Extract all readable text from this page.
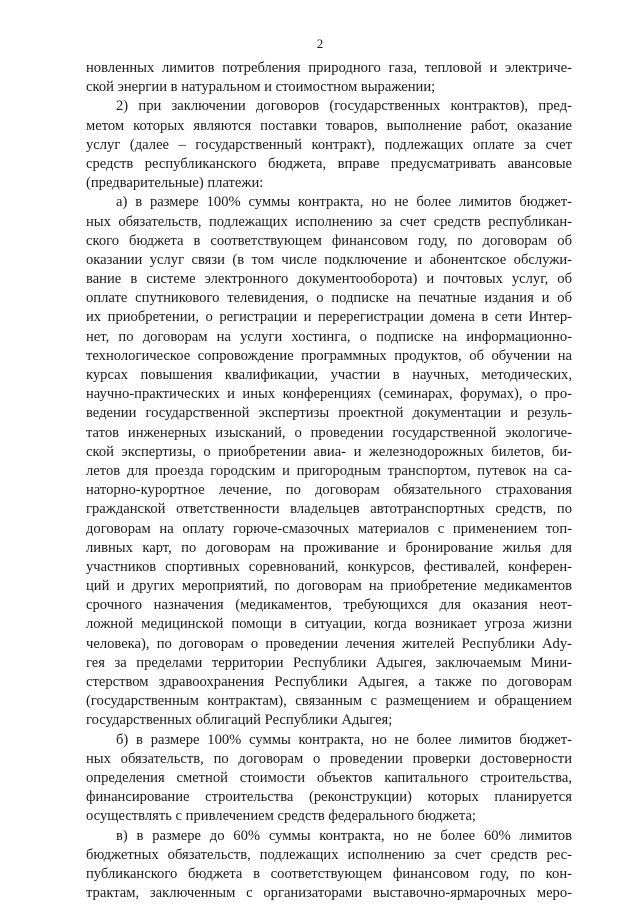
2
новленных лимитов потребления природного газа, тепловой и электриче-
ской энергии в натуральном и стоимостном выражении;
2) при заключении договоров (государственных контрактов), пред-
метом которых являются поставки товаров, выполнение работ, оказание
услуг (далее – государственный контракт), подлежащих оплате за счет
средств республиканского бюджета, вправе предусматривать авансовые
(предварительные) платежи:
а) в размере 100% суммы контракта, но не более лимитов бюджет-
ных обязательств, подлежащих исполнению за счет средств республикан-
ского бюджета в соответствующем финансовом году, по договорам об
оказании услуг связи (в том числе подключение и абонентское обслужи-
вание в системе электронного документооборота) и почтовых услуг, об
оплате спутникового телевидения, о подписке на печатные издания и об
их приобретении, о регистрации и перерегистрации домена в сети Интер-
нет, по договорам на услуги хостинга, о подписке на информационно-
технологическое сопровождение программных продуктов, об обучении на
курсах повышения квалификации, участии в научных, методических,
научно-практических и иных конференциях (семинарах, форумах), о про-
ведении государственной экспертизы проектной документации и резуль-
татов инженерных изысканий, о проведении государственной экологиче-
ской экспертизы, о приобретении авиа- и железнодорожных билетов, би-
летов для проезда городским и пригородным транспортом, путевок на са-
наторно-курортное лечение, по договорам обязательного страхования
гражданской ответственности владельцев автотранспортных средств, по
договорам на оплату горюче-смазочных материалов с применением топ-
ливных карт, по договорам на проживание и бронирование жилья для
участников спортивных соревнований, конкурсов, фестивалей, конферен-
ций и других мероприятий, по договорам на приобретение медикаментов
срочного назначения (медикаментов, требующихся для оказания неот-
ложной медицинской помощи в ситуации, когда возникает угроза жизни
человека), по договорам о проведении лечения жителей Республики Ady-
гея за пределами территории Республики Адыгея, заключаемым Мини-
стерством здравоохранения Республики Адыгея, а также по договорам
(государственным контрактам), связанным с размещением и обращением
государственных облигаций Республики Адыгея;
б) в размере 100% суммы контракта, но не более лимитов бюджет-
ных обязательств, по договорам о проведении проверки достоверности
определения сметной стоимости объектов капитального строительства,
финансирование строительства (реконструкции) которых планируется
осуществлять с привлечением средств федерального бюджета;
в) в размере до 60% суммы контракта, но не более 60% лимитов
бюджетных обязательств, подлежащих исполнению за счет средств рес-
публиканского бюджета в соответствующем финансовом году, по кон-
трактам, заключенным с организаторами выставочно-ярмарочных меро-
